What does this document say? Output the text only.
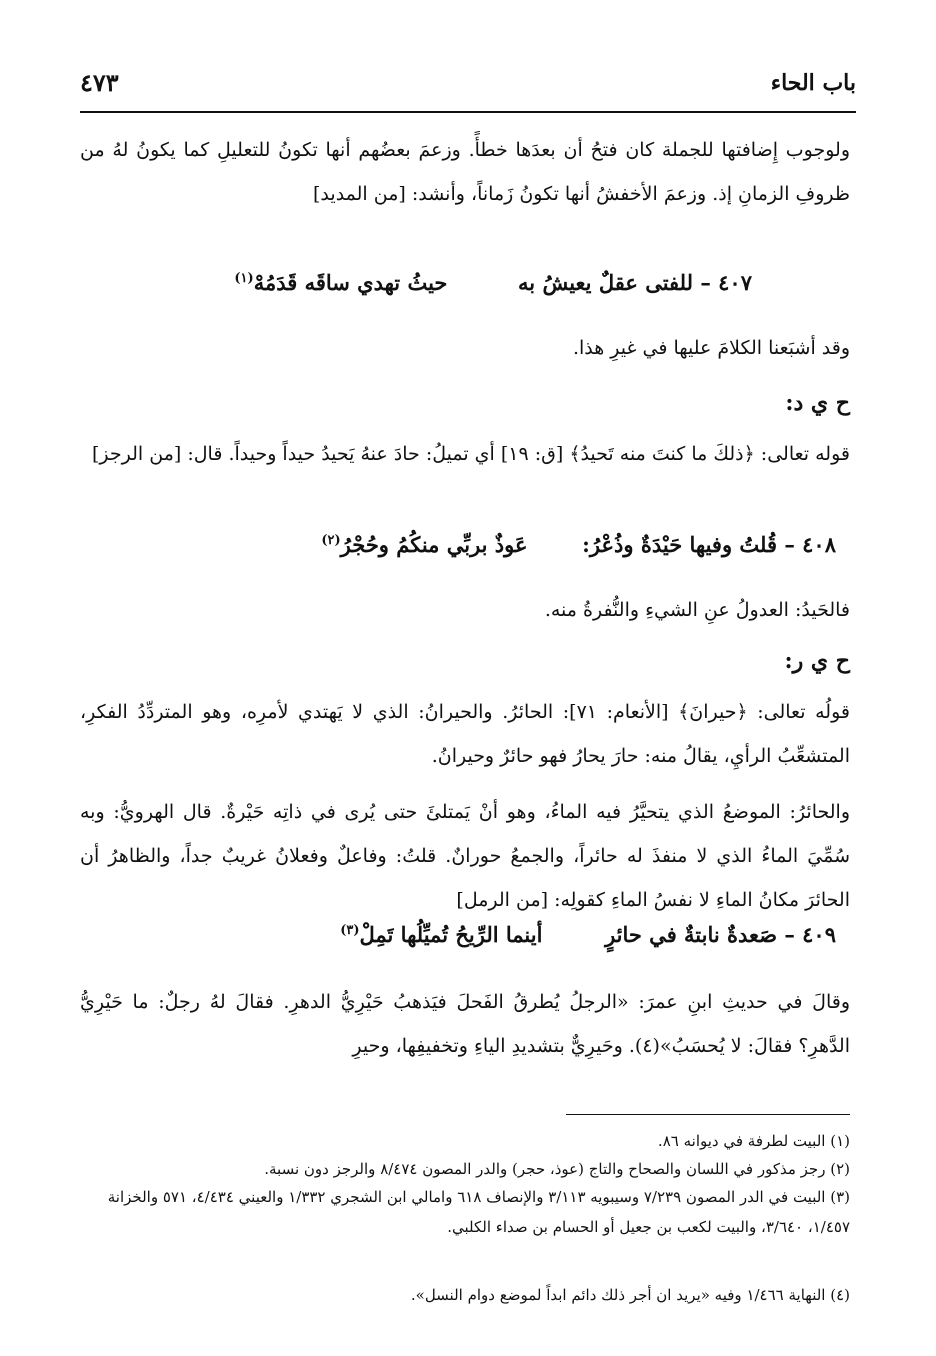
باب الحاء
٤٧٣
ولوجوب إِضافتها للجملة كان فتحُ أن بعدَها خطأً. وزعمَ بعضُهم أنها تكونُ للتعليلِ كما يكونُ لهُ من ظروفِ الزمانِ إذ. وزعمَ الأخفشُ أنها تكونُ زَماناً، وأنشد: [من المديد]
٤٠٧ – للفتى عقلٌ يعيشُ به  حيثُ تهدي ساقَه قَدَمُهْ$^{(١)}$
وقد أشبَعنا الكلامَ عليها في غيرِ هذا.
ح ي د:
قوله تعالى: ﴿ذلكَ ما كنتَ منه تَحيدُ﴾ [ق: ١٩] أي تميلُ: حادَ عنهُ يَحيدُ حيداً وحيداً. قال: [من الرجز]
٤٠٨ – قُلتُ وفيها حَيْدَةٌ وذُعْرُ:  عَوذٌ بربِّي منكُمُ وحُجْرُ$^{(٢)}$
فالحَيدُ: العدولُ عنِ الشيءِ والنُّفرةُ منه.
ح ي ر:
قولُه تعالى: ﴿حيرانَ﴾ [الأنعام: ٧١]: الحائرُ. والحيرانُ: الذي لا يَهتدي لأمرِه، وهو المتردِّدُ الفكرِ، المتشعِّبُ الرأيِ، يقالُ منه: حارَ يحارُ فهو حائرٌ وحيرانُ.
والحائرُ: الموضعُ الذي يتحيَّرُ فيه الماءُ، وهو أنْ يَمتلئَ حتى يُرى في ذاتِه حَيْرةٌ. قال الهرويُّ: وبه سُمِّيَ الماءُ الذي لا منفذَ له حائراً، والجمعُ حورانٌ. قلتُ: وفاعلٌ وفعلانُ غريبٌ جداً، والظاهرُ أن الحائرَ مكانُ الماءِ لا نفسُ الماءِ كقولِه: [من الرمل]
٤٠٩ – صَعدةٌ نابتةٌ في حائرٍ  أينما الرِّيحُ تُميِّلُها تَمِلْ$^{(٣)}$
وقالَ في حديثِ ابنِ عمرَ: «الرجلُ يُطرقُ الفَحلَ فيَذهبُ حَيْرِيُّ الدهرِ. فقالَ لهُ رجلٌ: ما حَيْرِيُّ الدَّهرِ؟ فقالَ: لا يُحسَبُ»(٤). وحَيرِيٌّ بتشديدِ الياءِ وتخفيفِها، وحيرِ
(١) البيت لطرفة في ديوانه ٨٦.
(٢) رجز مذكور في اللسان والصحاح والتاج (عوذ، حجر) والدر المصون ٨/٤٧٤ والرجز دون نسبة.
(٣) البيت في الدر المصون ٧/٢٣٩ وسيبويه ٣/١١٣ والإنصاف ٦١٨ وامالي ابن الشجري ١/٣٣٢ والعيني ٤/٤٣٤، ٥٧١ والخزانة ١/٤٥٧، ٣/٦٤٠، والبيت لكعب بن جعيل أو الحسام بن صداء الكلبي.
(٤) النهاية ١/٤٦٦ وفيه «يريد ان أجر ذلك دائم ابداً لموضع دوام النسل».
